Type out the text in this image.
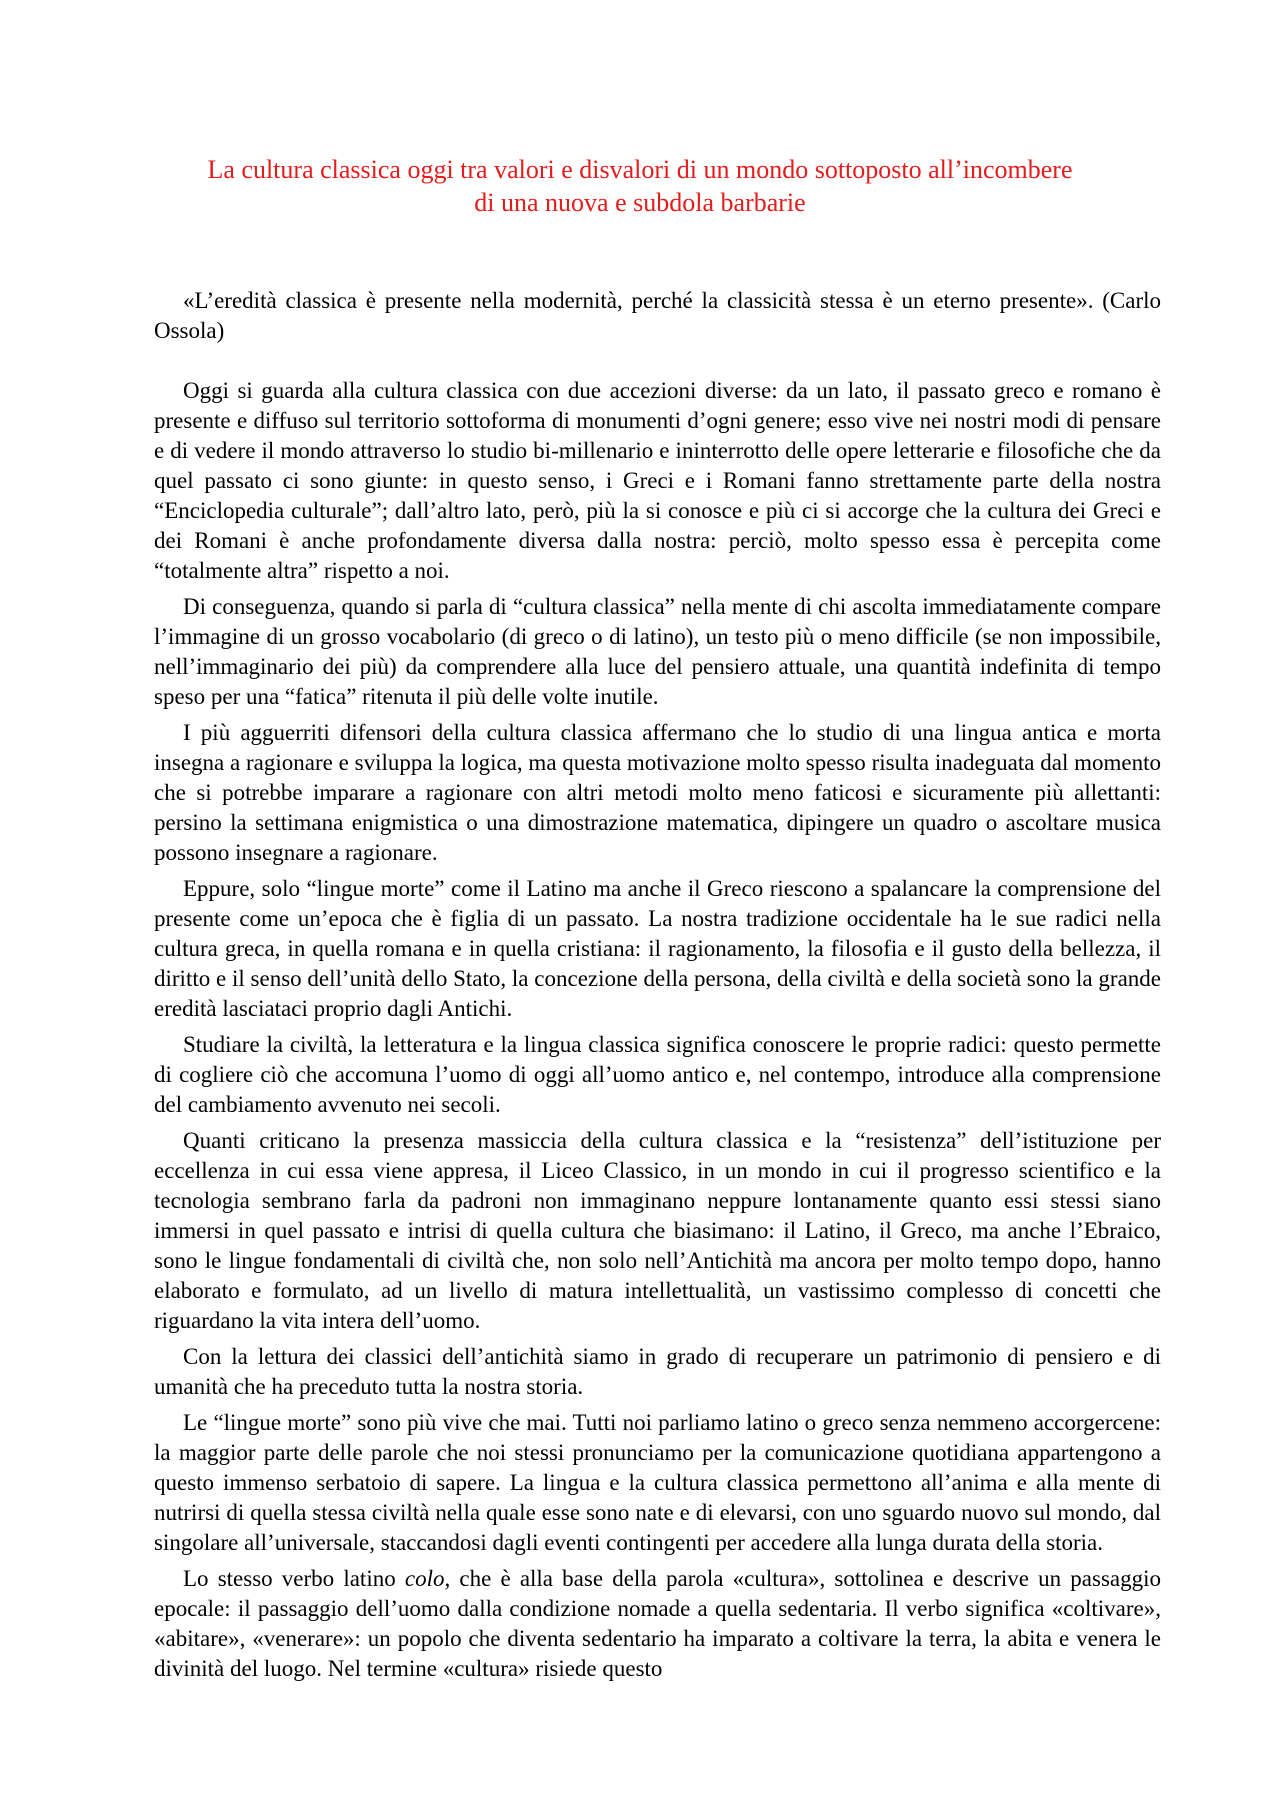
La cultura classica oggi tra valori e disvalori di un mondo sottoposto all’incombere
di una nuova e subdola barbarie

«L’eredità classica è presente nella modernità, perché la classicità stessa è un eterno presente». (Carlo Ossola)

Oggi si guarda alla cultura classica con due accezioni diverse: da un lato, il passato greco e romano è presente e diffuso sul territorio sottoforma di monumenti d’ogni genere; esso vive nei nostri modi di pensare e di vedere il mondo attraverso lo studio bi-millenario e ininterrotto delle opere letterarie e filosofiche che da quel passato ci sono giunte: in questo senso, i Greci e i Romani fanno strettamente parte della nostra “Enciclopedia culturale”; dall’altro lato, però, più la si conosce e più ci si accorge che la cultura dei Greci e dei Romani è anche profondamente diversa dalla nostra: perciò, molto spesso essa è percepita come “totalmente altra” rispetto a noi.

Di conseguenza, quando si parla di “cultura classica” nella mente di chi ascolta immediatamente compare l’immagine di un grosso vocabolario (di greco o di latino), un testo più o meno difficile (se non impossibile, nell’immaginario dei più) da comprendere alla luce del pensiero attuale, una quantità indefinita di tempo speso per una “fatica” ritenuta il più delle volte inutile.

I più agguerriti difensori della cultura classica affermano che lo studio di una lingua antica e morta insegna a ragionare e sviluppa la logica, ma questa motivazione molto spesso risulta inadeguata dal momento che si potrebbe imparare a ragionare con altri metodi molto meno faticosi e sicuramente più allettanti: persino la settimana enigmistica o una dimostrazione matematica, dipingere un quadro o ascoltare musica possono insegnare a ragionare.

Eppure, solo “lingue morte” come il Latino ma anche il Greco riescono a spalancare la comprensione del presente come un’epoca che è figlia di un passato. La nostra tradizione occidentale ha le sue radici nella cultura greca, in quella romana e in quella cristiana: il ragionamento, la filosofia e il gusto della bellezza, il diritto e il senso dell’unità dello Stato, la concezione della persona, della civiltà e della società sono la grande eredità lasciataci proprio dagli Antichi.

Studiare la civiltà, la letteratura e la lingua classica significa conoscere le proprie radici: questo permette di cogliere ciò che accomuna l’uomo di oggi all’uomo antico e, nel contempo, introduce alla comprensione del cambiamento avvenuto nei secoli.

Quanti criticano la presenza massiccia della cultura classica e la “resistenza” dell’istituzione per eccellenza in cui essa viene appresa, il Liceo Classico, in un mondo in cui il progresso scientifico e la tecnologia sembrano farla da padroni non immaginano neppure lontanamente quanto essi stessi siano immersi in quel passato e intrisi di quella cultura che biasimano: il Latino, il Greco, ma anche l’Ebraico, sono le lingue fondamentali di civiltà che, non solo nell’Antichità ma ancora per molto tempo dopo, hanno elaborato e formulato, ad un livello di matura intellettualità, un vastissimo complesso di concetti che riguardano la vita intera dell’uomo.

Con la lettura dei classici dell’antichità siamo in grado di recuperare un patrimonio di pensiero e di umanità che ha preceduto tutta la nostra storia.

Le “lingue morte” sono più vive che mai. Tutti noi parliamo latino o greco senza nemmeno accorgercene: la maggior parte delle parole che noi stessi pronunciamo per la comunicazione quotidiana appartengono a questo immenso serbatoio di sapere. La lingua e la cultura classica permettono all’anima e alla mente di nutrirsi di quella stessa civiltà nella quale esse sono nate e di elevarsi, con uno sguardo nuovo sul mondo, dal singolare all’universale, staccandosi dagli eventi contingenti per accedere alla lunga durata della storia.

Lo stesso verbo latino colo, che è alla base della parola «cultura», sottolinea e descrive un passaggio epocale: il passaggio dell’uomo dalla condizione nomade a quella sedentaria. Il verbo significa «coltivare», «abitare», «venerare»: un popolo che diventa sedentario ha imparato a coltivare la terra, la abita e venera le divinità del luogo. Nel termine «cultura» risiede questo
